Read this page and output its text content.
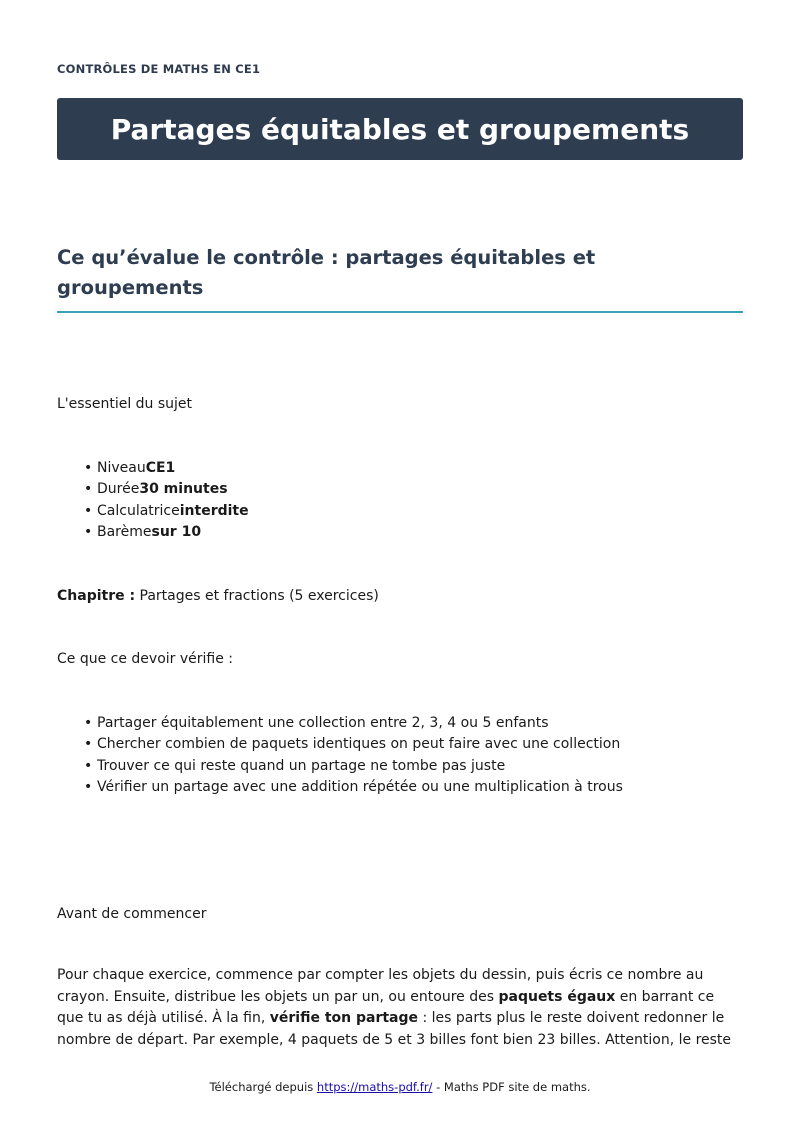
CONTRÔLES DE MATHS EN CE1
Partages équitables et groupements
Ce qu’évalue le contrôle : partages équitables et groupements

L'essentiel du sujet

• NiveauCE1
• Durée30 minutes
• Calculatriceinterdite
• Barèmesur 10

Chapitre : Partages et fractions (5 exercices)

Ce que ce devoir vérifie :

• Partager équitablement une collection entre 2, 3, 4 ou 5 enfants
• Chercher combien de paquets identiques on peut faire avec une collection
• Trouver ce qui reste quand un partage ne tombe pas juste
• Vérifier un partage avec une addition répétée ou une multiplication à trous

Avant de commencer

Pour chaque exercice, commence par compter les objets du dessin, puis écris ce nombre au crayon. Ensuite, distribue les objets un par un, ou entoure des paquets égaux en barrant ce que tu as déjà utilisé. À la fin, vérifie ton partage : les parts plus le reste doivent redonner le nombre de départ. Par exemple, 4 paquets de 5 et 3 billes font bien 23 billes. Attention, le reste

Téléchargé depuis https://maths-pdf.fr/ - Maths PDF site de maths.
